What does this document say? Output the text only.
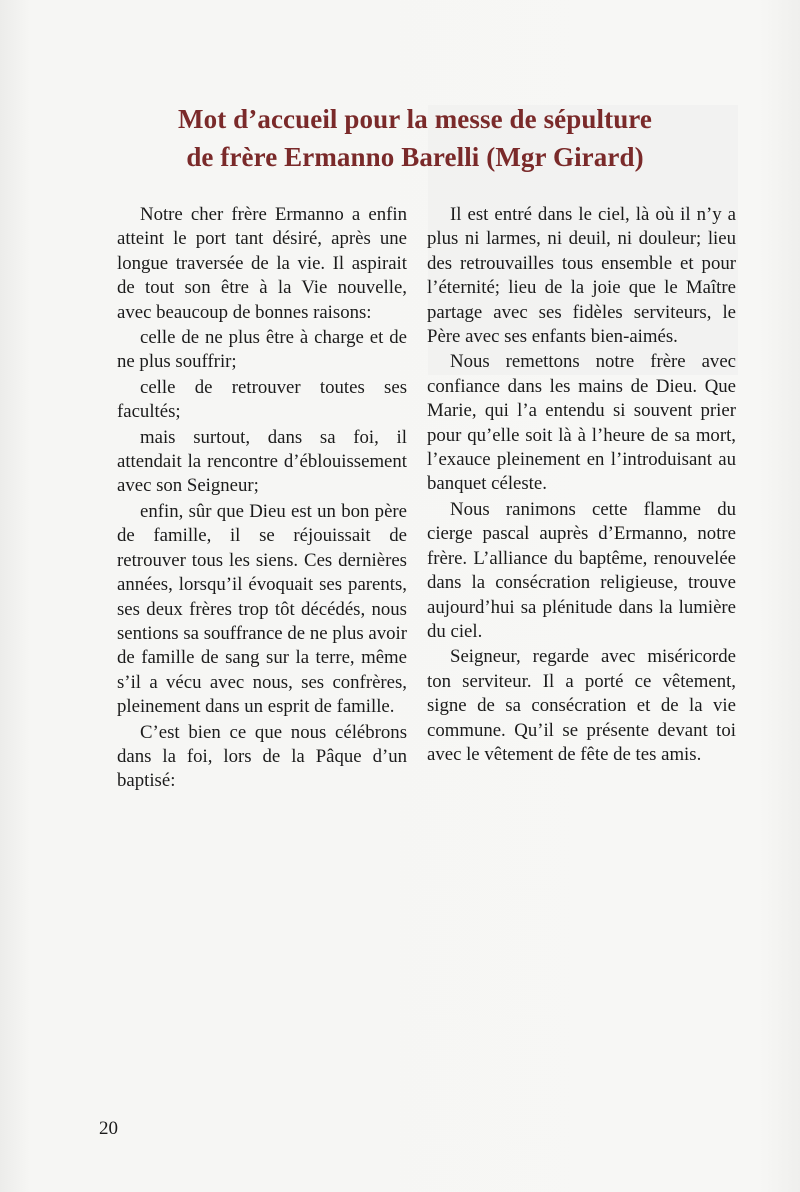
Mot d’accueil pour la messe de sépulture
de frère Ermanno Barelli (Mgr Girard)

Notre cher frère Ermanno a enfin atteint le port tant désiré, après une longue traversée de la vie. Il aspirait de tout son être à la Vie nouvelle, avec beaucoup de bonnes raisons:

celle de ne plus être à charge et de ne plus souffrir;

celle de retrouver toutes ses facultés;

mais surtout, dans sa foi, il attendait la rencontre d’éblouissement avec son Seigneur;

enfin, sûr que Dieu est un bon père de famille, il se réjouissait de retrouver tous les siens. Ces dernières années, lorsqu’il évoquait ses parents, ses deux frères trop tôt décédés, nous sentions sa souffrance de ne plus avoir de famille de sang sur la terre, même s’il a vécu avec nous, ses confrères, pleinement dans un esprit de famille.

C’est bien ce que nous célébrons dans la foi, lors de la Pâque d’un baptisé:

Il est entré dans le ciel, là où il n’y a plus ni larmes, ni deuil, ni douleur; lieu des retrouvailles tous ensemble et pour l’éternité; lieu de la joie que le Maître partage avec ses fidèles serviteurs, le Père avec ses enfants bien-aimés.

Nous remettons notre frère avec confiance dans les mains de Dieu. Que Marie, qui l’a entendu si souvent prier pour qu’elle soit là à l’heure de sa mort, l’exauce pleinement en l’introduisant au banquet céleste.

Nous ranimons cette flamme du cierge pascal auprès d’Ermanno, notre frère. L’alliance du baptême, renouvelée dans la consécration religieuse, trouve aujourd’hui sa plénitude dans la lumière du ciel.

Seigneur, regarde avec miséricorde ton serviteur. Il a porté ce vêtement, signe de sa consécration et de la vie commune. Qu’il se présente devant toi avec le vêtement de fête de tes amis.

20
